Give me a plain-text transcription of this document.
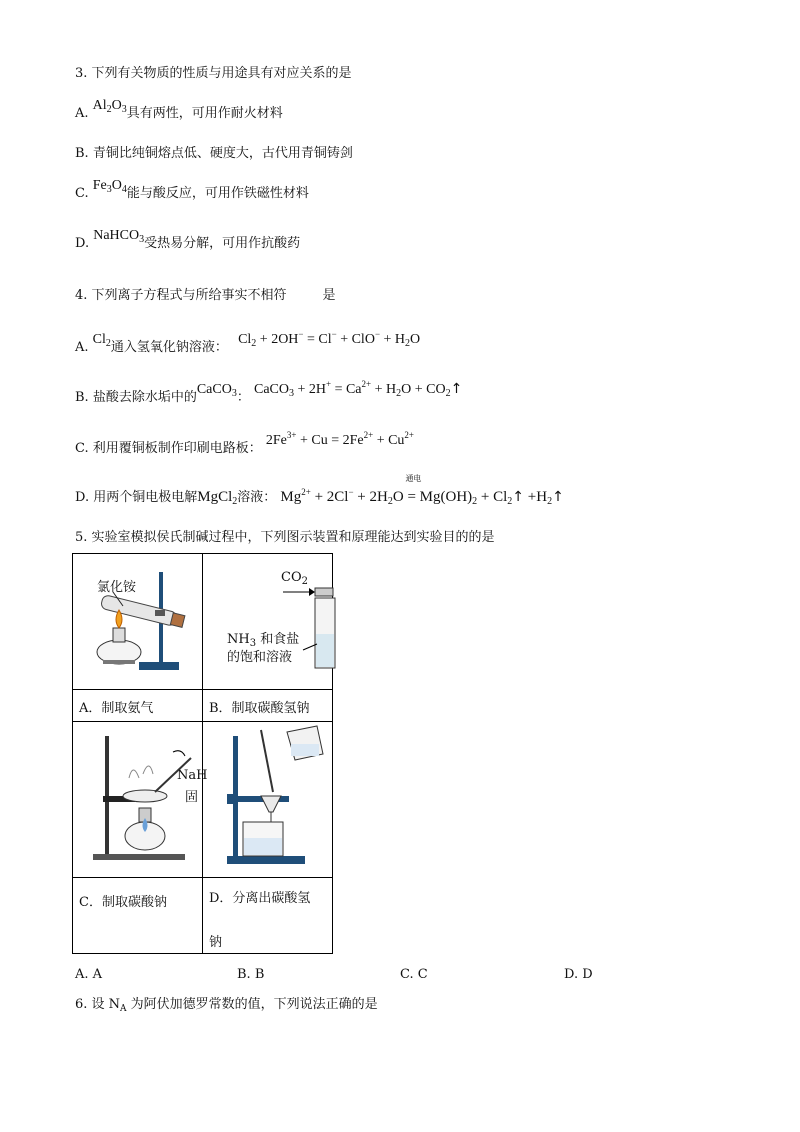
3. 下列有关物质的性质与用途具有对应关系的是
A. $Al_2O_3$具有两性，可用作耐火材料
B. 青铜比纯铜熔点低、硬度大，古代用青铜铸剑
C. $Fe_3O_4$能与酸反应，可用作铁磁性材料
D. NaHCO$_3$受热易分解，可用作抗酸药
4. 下列离子方程式与所给事实不相符	是
A. $Cl_2$通入氢氧化钠溶液： $Cl_2 + 2OH^- = Cl^- + ClO^- + H_2O$
B. 盐酸去除水垢中的CaCO$_3$： CaCO$_3$ + $2H^+ = Ca^{2+} + H_2O$ + $CO_2↑$
C. 利用覆铜板制作印刷电路板： $2Fe^{3+} + Cu = 2Fe^{2+} + Cu^{2+}$
D. 用两个铜电极电解MgCl$_2$溶液： $Mg^{2+} + 2Cl^- + 2H_2O$
通电
= $Mg(OH)_2$ + $Cl_2↑$ $+H_2↑$
5. 实验室模拟侯氏制碱过程中，下列图示装置和原理能达到实验目的的是
氯化铵	$CO_2$
$NH_3$ 和食盐
的饱和溶液

A．制取氨气	B．制取碳酸氢钠

NaH
固

C．制取碳酸钠	D．分离出碳酸氢

钠
A. A	B. B	C. C	D. D
6. 设 $N_A$ 为阿伏加德罗常数的值，下列说法正确的是
